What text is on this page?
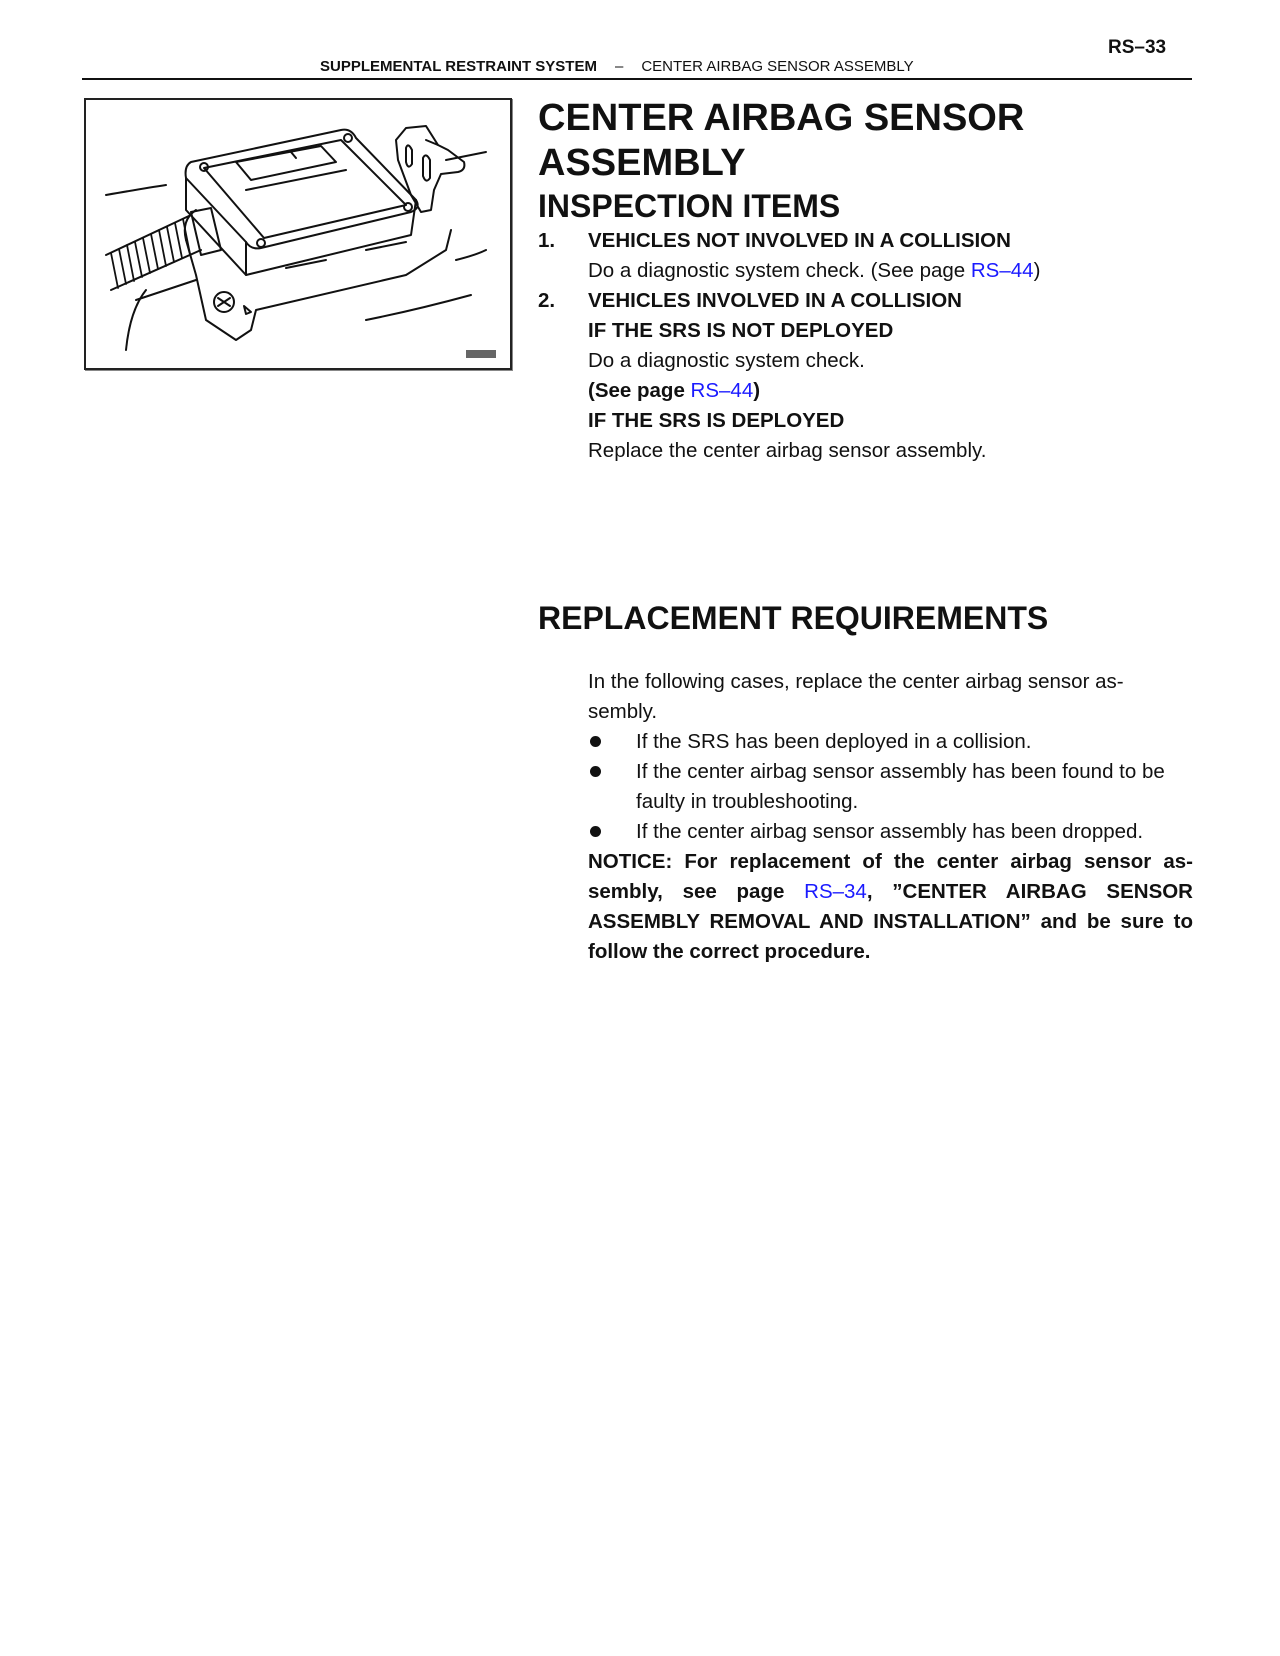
RS–33
SUPPLEMENTAL RESTRAINT SYSTEM – CENTER AIRBAG SENSOR ASSEMBLY
CENTER AIRBAG SENSOR
ASSEMBLY
INSPECTION ITEMS
1. VEHICLES NOT INVOLVED IN A COLLISION
Do a diagnostic system check. (See page RS–44)
2. VEHICLES INVOLVED IN A COLLISION
IF THE SRS IS NOT DEPLOYED
Do a diagnostic system check.
(See page RS–44)
IF THE SRS IS DEPLOYED
Replace the center airbag sensor assembly.
REPLACEMENT REQUIREMENTS

In the following cases, replace the center airbag sensor as-

sembly.

If the SRS has been deployed in a collision.
If the center airbag sensor assembly has been found to be faulty in troubleshooting.
If the center airbag sensor assembly has been dropped.

NOTICE: For replacement of the center airbag sensor as- sembly, see page RS–34, ”CENTER AIRBAG SENSOR ASSEMBLY REMOVAL AND INSTALLATION” and be sure to follow the correct procedure.
